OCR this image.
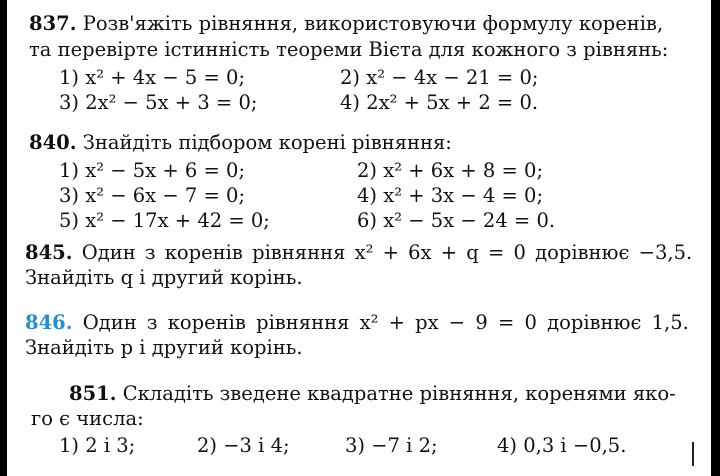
837. Розв'яжіть рівняння, використовуючи формулу коренів,
та перевірте істинність теореми Вієта для кожного з рівнянь:
1) x² + 4x − 5 = 0;	2) x² − 4x − 21 = 0;
3) 2x² − 5x + 3 = 0;	4) 2x² + 5x + 2 = 0.
840. Знайдіть підбором корені рівняння:
1) x² − 5x + 6 = 0;	2) x² + 6x + 8 = 0;
3) x² − 6x − 7 = 0;	4) x² + 3x − 4 = 0;
5) x² − 17x + 42 = 0;	6) x² − 5x − 24 = 0.
845. Один з коренів рівняння x² + 6x + q = 0 дорівнює −3,5.
Знайдіть q і другий корінь.
846. Один з коренів рівняння x² + px − 9 = 0 дорівнює 1,5.
Знайдіть p і другий корінь.
851. Складіть зведене квадратне рівняння, коренями яко-
го є числа:
1) 2 і 3;	2) −3 і 4;	3) −7 і 2;	4) 0,3 і −0,5.
